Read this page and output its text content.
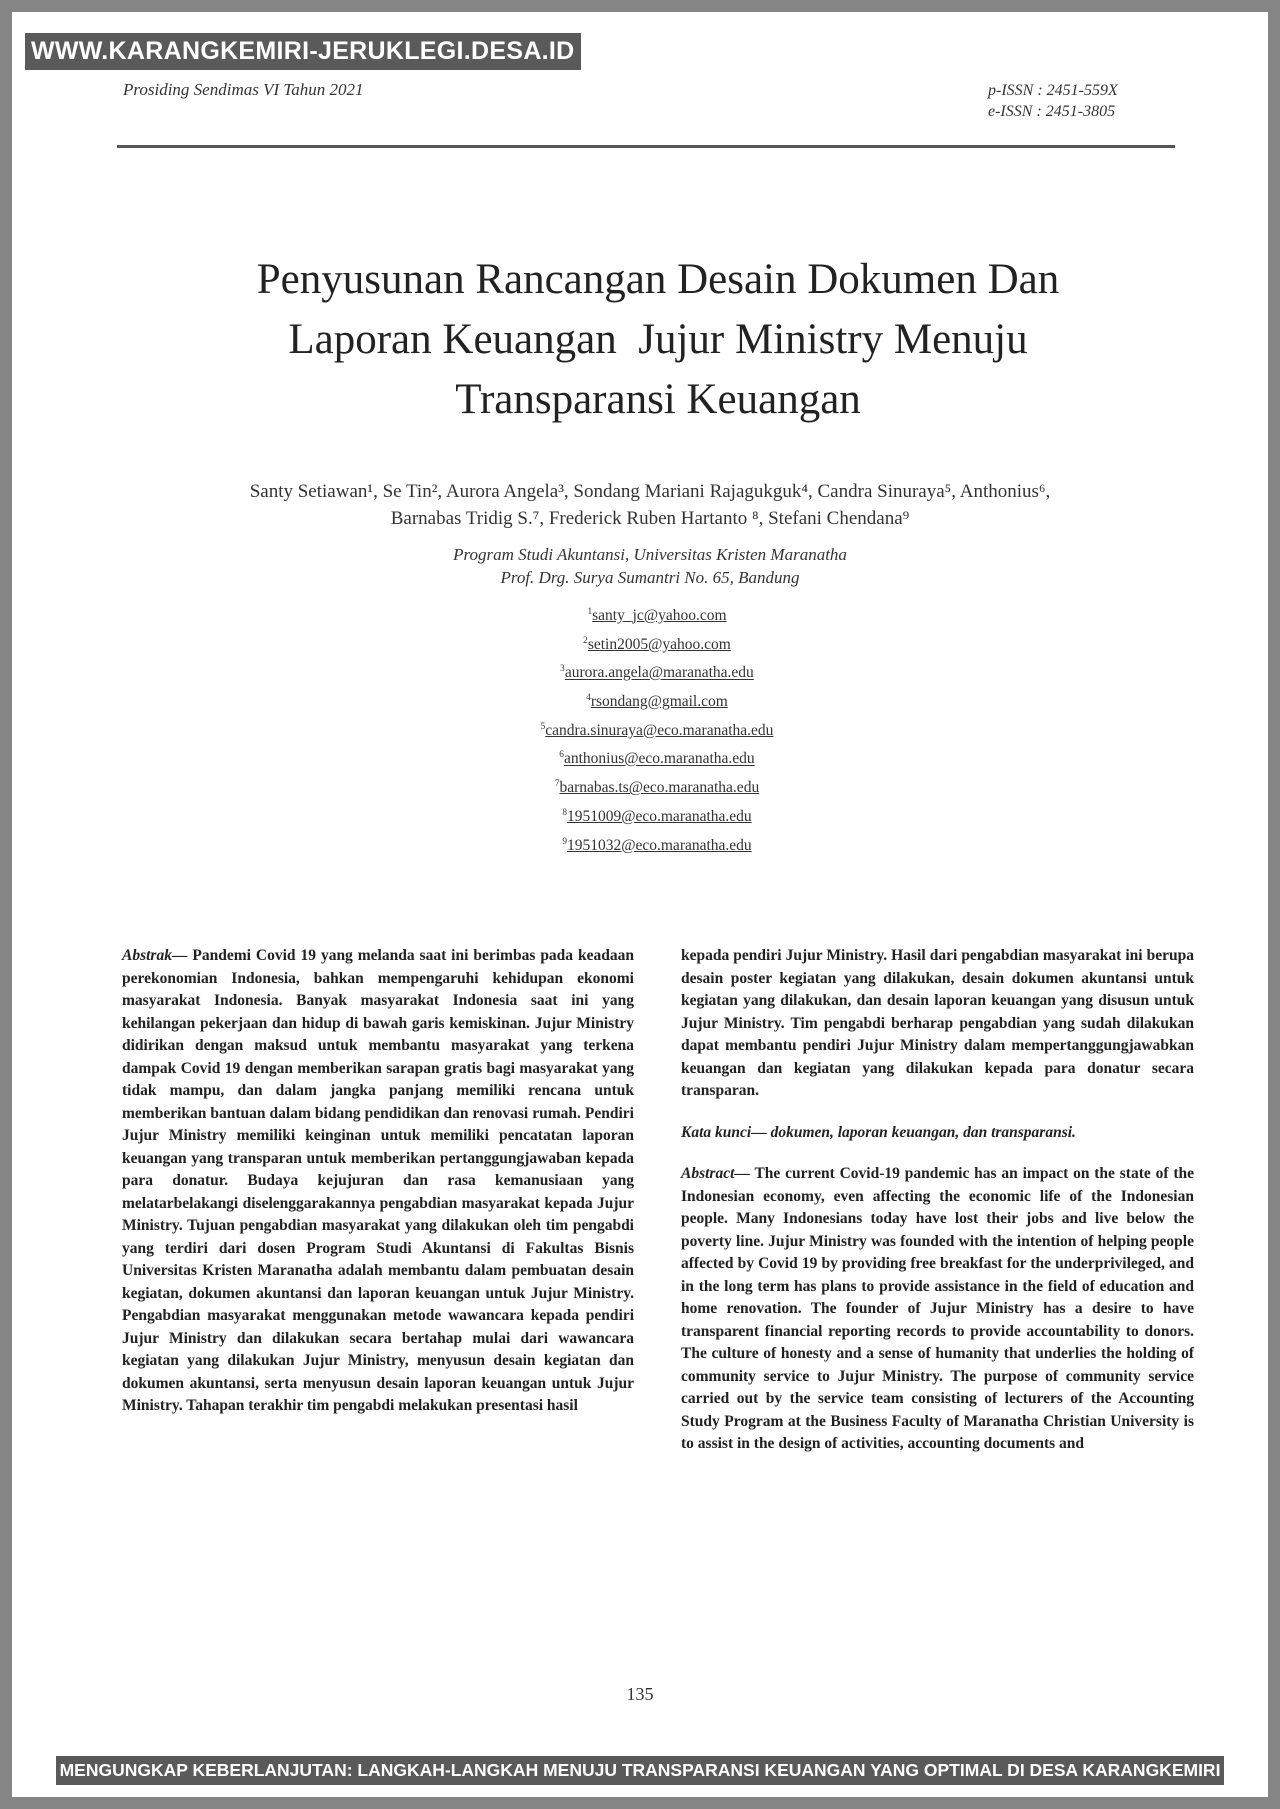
WWW.KARANGKEMIRI-JERUKLEGI.DESA.ID
Prosiding Sendimas VI Tahun 2021	p-ISSN : 2451-559X
e-ISSN : 2451-3805
Penyusunan Rancangan Desain Dokumen Dan
Laporan Keuangan  Jujur Ministry Menuju
Transparansi Keuangan
Santy Setiawan¹, Se Tin², Aurora Angela³, Sondang Mariani Rajagukguk⁴, Candra Sinuraya⁵, Anthonius⁶,
Barnabas Tridig S.⁷, Frederick Ruben Hartanto ⁸, Stefani Chendana⁹
Program Studi Akuntansi, Universitas Kristen Maranatha
Prof. Drg. Surya Sumantri No. 65, Bandung
$^1$santy_jc@yahoo.com
$^2$setin2005@yahoo.com
$^3$aurora.angela@maranatha.edu
$^4$rsondang@gmail.com
$^5$candra.sinuraya@eco.maranatha.edu
$^6$anthonius@eco.maranatha.edu
$^7$barnabas.ts@eco.maranatha.edu
$^8$1951009@eco.maranatha.edu
$^9$1951032@eco.maranatha.edu

Abstrak— Pandemi Covid 19 yang melanda saat ini berimbas pada keadaan perekonomian Indonesia, bahkan mempengaruhi kehidupan ekonomi masyarakat Indonesia. Banyak masyarakat Indonesia saat ini yang kehilangan pekerjaan dan hidup di bawah garis kemiskinan. Jujur Ministry didirikan dengan maksud untuk membantu masyarakat yang terkena dampak Covid 19 dengan memberikan sarapan gratis bagi masyarakat yang tidak mampu, dan dalam jangka panjang memiliki rencana untuk memberikan bantuan dalam bidang pendidikan dan renovasi rumah. Pendiri Jujur Ministry memiliki keinginan untuk memiliki pencatatan laporan keuangan yang transparan untuk memberikan pertanggungjawaban kepada para donatur. Budaya kejujuran dan rasa kemanusiaan yang melatarbelakangi diselenggarakannya pengabdian masyarakat kepada Jujur Ministry. Tujuan pengabdian masyarakat yang dilakukan oleh tim pengabdi yang terdiri dari dosen Program Studi Akuntansi di Fakultas Bisnis Universitas Kristen Maranatha adalah membantu dalam pembuatan desain kegiatan, dokumen akuntansi dan laporan keuangan untuk Jujur Ministry. Pengabdian masyarakat menggunakan metode wawancara kepada pendiri Jujur Ministry dan dilakukan secara bertahap mulai dari wawancara kegiatan yang dilakukan Jujur Ministry, menyusun desain kegiatan dan dokumen akuntansi, serta menyusun desain laporan keuangan untuk Jujur Ministry. Tahapan terakhir tim pengabdi melakukan presentasi hasil

kepada pendiri Jujur Ministry. Hasil dari pengabdian masyarakat ini berupa desain poster kegiatan yang dilakukan, desain dokumen akuntansi untuk kegiatan yang dilakukan, dan desain laporan keuangan yang disusun untuk Jujur Ministry. Tim pengabdi berharap pengabdian yang sudah dilakukan dapat membantu pendiri Jujur Ministry dalam mempertanggungjawabkan keuangan dan kegiatan yang dilakukan kepada para donatur secara transparan.

Kata kunci— dokumen, laporan keuangan, dan transparansi.

Abstract— The current Covid-19 pandemic has an impact on the state of the Indonesian economy, even affecting the economic life of the Indonesian people. Many Indonesians today have lost their jobs and live below the poverty line. Jujur Ministry was founded with the intention of helping people affected by Covid 19 by providing free breakfast for the underprivileged, and in the long term has plans to provide assistance in the field of education and home renovation. The founder of Jujur Ministry has a desire to have transparent financial reporting records to provide accountability to donors. The culture of honesty and a sense of humanity that underlies the holding of community service to Jujur Ministry. The purpose of community service carried out by the service team consisting of lecturers of the Accounting Study Program at the Business Faculty of Maranatha Christian University is to assist in the design of activities, accounting documents and

135
MENGUNGKAP KEBERLANJUTAN: LANGKAH-LANGKAH MENUJU TRANSPARANSI KEUANGAN YANG OPTIMAL DI DESA KARANGKEMIRI
